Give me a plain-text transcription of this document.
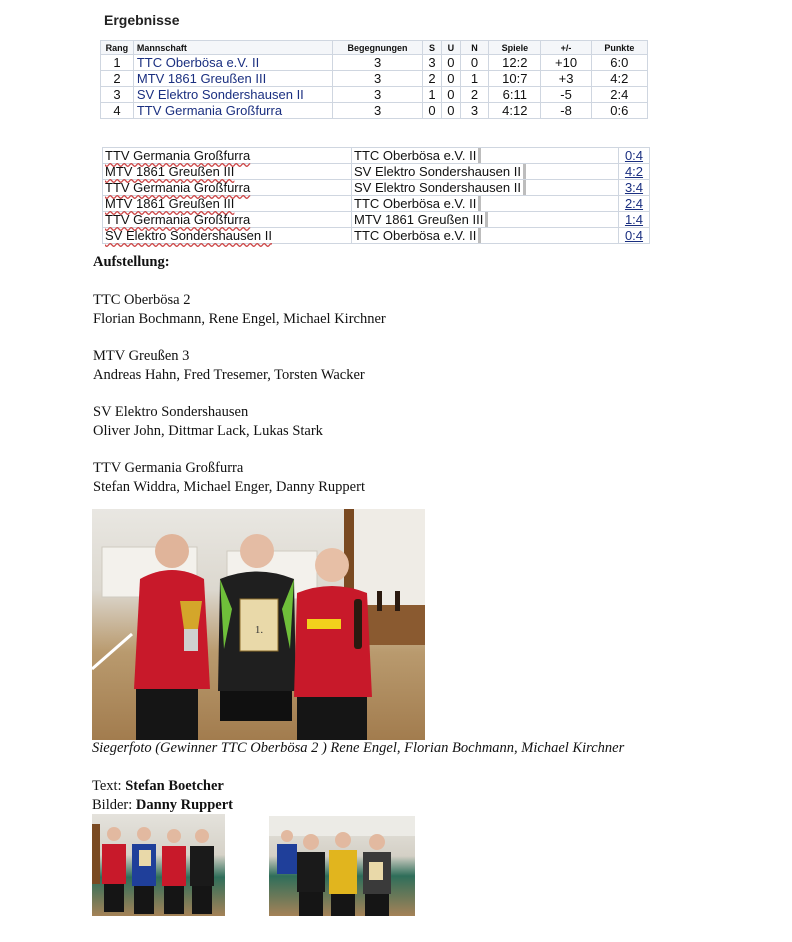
Ergebnisse
Rang	Mannschaft	Begegnungen	S	U	N	Spiele	+/-	Punkte
1	TTC Oberbösa e.V. II	3	3	0	0	12:2	+10	6:0
2	MTV 1861 Greußen III	3	2	0	1	10:7	+3	4:2
3	SV Elektro Sondershausen II	3	1	0	2	6:11	-5	2:4
4	TTV Germania Großfurra	3	0	0	3	4:12	-8	0:6
TTV Germania Großfurra	TTC Oberbösa e.V. II	0:4
MTV 1861 Greußen III	SV Elektro Sondershausen II	4:2
TTV Germania Großfurra	SV Elektro Sondershausen II	3:4
MTV 1861 Greußen III	TTC Oberbösa e.V. II	2:4
TTV Germania Großfurra	MTV 1861 Greußen III	1:4
SV Elektro Sondershausen II	TTC Oberbösa e.V. II	0:4
Aufstellung:
TTC Oberbösa 2
Florian Bochmann, Rene Engel, Michael Kirchner
MTV Greußen 3
Andreas Hahn, Fred Tresemer, Torsten Wacker
SV Elektro Sondershausen
Oliver John, Dittmar Lack, Lukas Stark
TTV Germania Großfurra
Stefan Widdra, Michael Enger, Danny Ruppert
1.
Siegerfoto (Gewinner TTC Oberbösa 2 ) Rene Engel, Florian Bochmann, Michael Kirchner
Text: Stefan Boetcher
Bilder: Danny Ruppert
